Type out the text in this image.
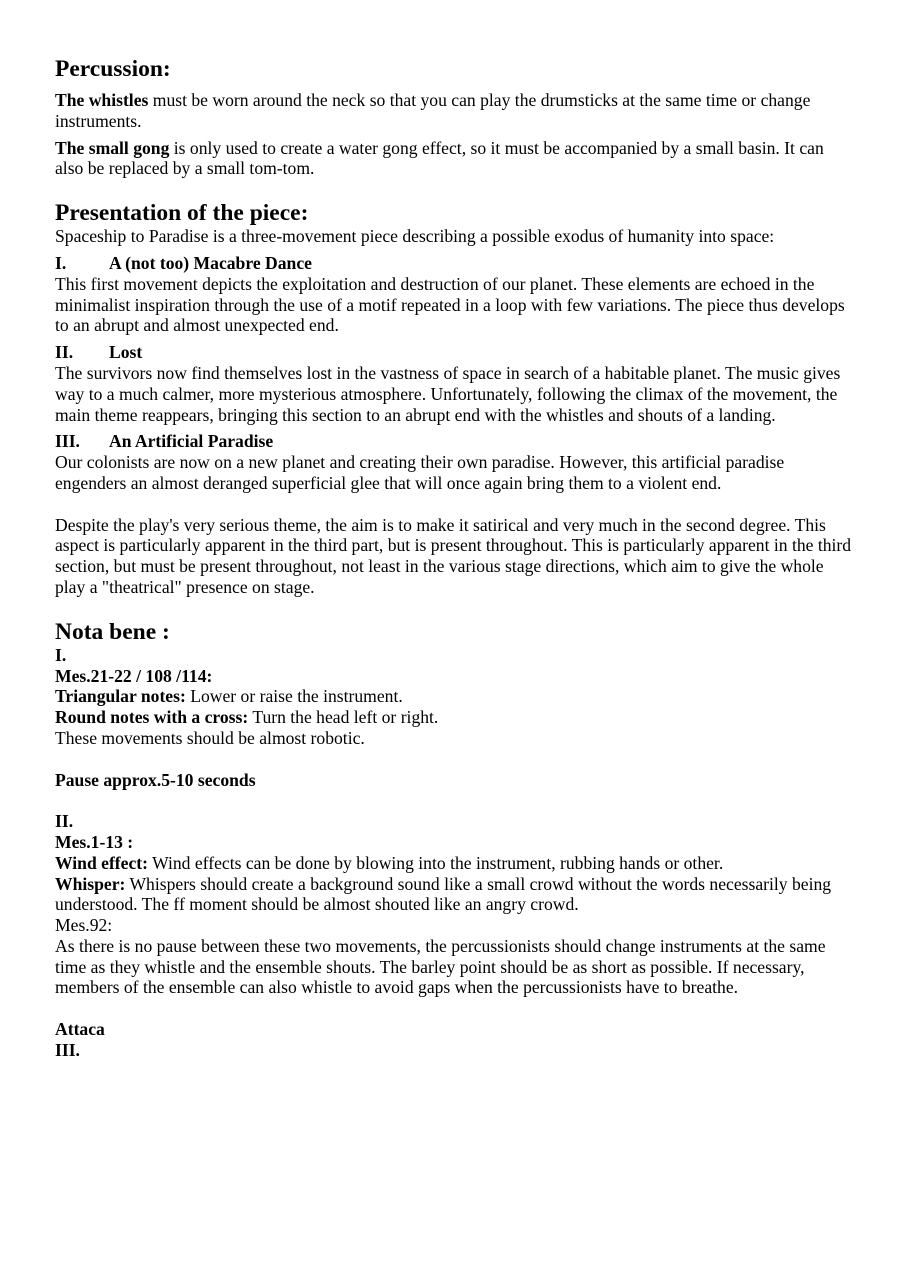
Percussion:

The whistles must be worn around the neck so that you can play the drumsticks at the same time or change instruments.

The small gong is only used to create a water gong effect, so it must be accompanied by a small basin. It can also be replaced by a small tom-tom.

Presentation of the piece:

Spaceship to Paradise is a three-movement piece describing a possible exodus of humanity into space:

I.	A (not too) Macabre Dance

This first movement depicts the exploitation and destruction of our planet. These elements are echoed in the minimalist inspiration through the use of a motif repeated in a loop with few variations. The piece thus develops to an abrupt and almost unexpected end.

II.	Lost

The survivors now find themselves lost in the vastness of space in search of a habitable planet. The music gives way to a much calmer, more mysterious atmosphere. Unfortunately, following the climax of the movement, the main theme reappears, bringing this section to an abrupt end with the whistles and shouts of a landing.

III.	An Artificial Paradise

Our colonists are now on a new planet and creating their own paradise. However, this artificial paradise engenders an almost deranged superficial glee that will once again bring them to a violent end.

Despite the play's very serious theme, the aim is to make it satirical and very much in the second degree. This aspect is particularly apparent in the third part, but is present throughout. This is particularly apparent in the third section, but must be present throughout, not least in the various stage directions, which aim to give the whole play a "theatrical" presence on stage.

Nota bene :

I.

Mes.21-22 / 108 /114:

Triangular notes: Lower or raise the instrument.

Round notes with a cross: Turn the head left or right.

These movements should be almost robotic.

Pause approx.5-10 seconds

II.

Mes.1-13 :

Wind effect: Wind effects can be done by blowing into the instrument, rubbing hands or other.

Whisper: Whispers should create a background sound like a small crowd without the words necessarily being understood. The ff moment should be almost shouted like an angry crowd.

Mes.92:

As there is no pause between these two movements, the percussionists should change instruments at the same time as they whistle and the ensemble shouts. The barley point should be as short as possible. If necessary, members of the ensemble can also whistle to avoid gaps when the percussionists have to breathe.

Attaca

III.
